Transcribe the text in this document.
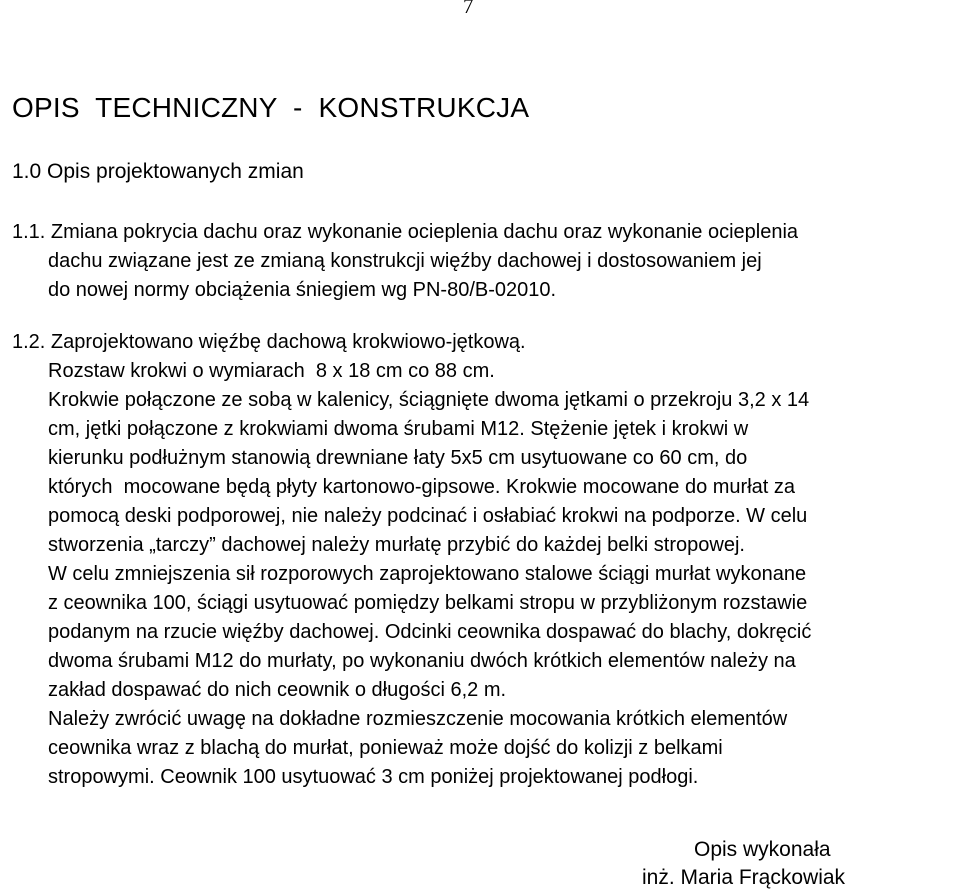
7
OPIS  TECHNICZNY  -  KONSTRUKCJA
1.0 Opis projektowanych zmian
1.1. Zmiana pokrycia dachu oraz wykonanie ocieplenia dachu oraz wykonanie ocieplenia
dachu związane jest ze zmianą konstrukcji więźby dachowej i dostosowaniem jej
do nowej normy obciążenia śniegiem wg PN-80/B-02010.
1.2. Zaprojektowano więźbę dachową krokwiowo-jętkową.
Rozstaw krokwi o wymiarach  8 x 18 cm co 88 cm.
Krokwie połączone ze sobą w kalenicy, ściągnięte dwoma jętkami o przekroju 3,2 x 14
cm, jętki połączone z krokwiami dwoma śrubami M12. Stężenie jętek i krokwi w
kierunku podłużnym stanowią drewniane łaty 5x5 cm usytuowane co 60 cm, do
których  mocowane będą płyty kartonowo-gipsowe. Krokwie mocowane do murłat za
pomocą deski podporowej, nie należy podcinać i osłabiać krokwi na podporze. W celu
stworzenia „tarczy” dachowej należy murłatę przybić do każdej belki stropowej.
W celu zmniejszenia sił rozporowych zaprojektowano stalowe ściągi murłat wykonane
z ceownika 100, ściągi usytuować pomiędzy belkami stropu w przybliżonym rozstawie
podanym na rzucie więźby dachowej. Odcinki ceownika dospawać do blachy, dokręcić
dwoma śrubami M12 do murłaty, po wykonaniu dwóch krótkich elementów należy na
zakład dospawać do nich ceownik o długości 6,2 m.
Należy zwrócić uwagę na dokładne rozmieszczenie mocowania krótkich elementów
ceownika wraz z blachą do murłat, ponieważ może dojść do kolizji z belkami
stropowymi. Ceownik 100 usytuować 3 cm poniżej projektowanej podłogi.
Opis wykonała
inż. Maria Frąckowiak
